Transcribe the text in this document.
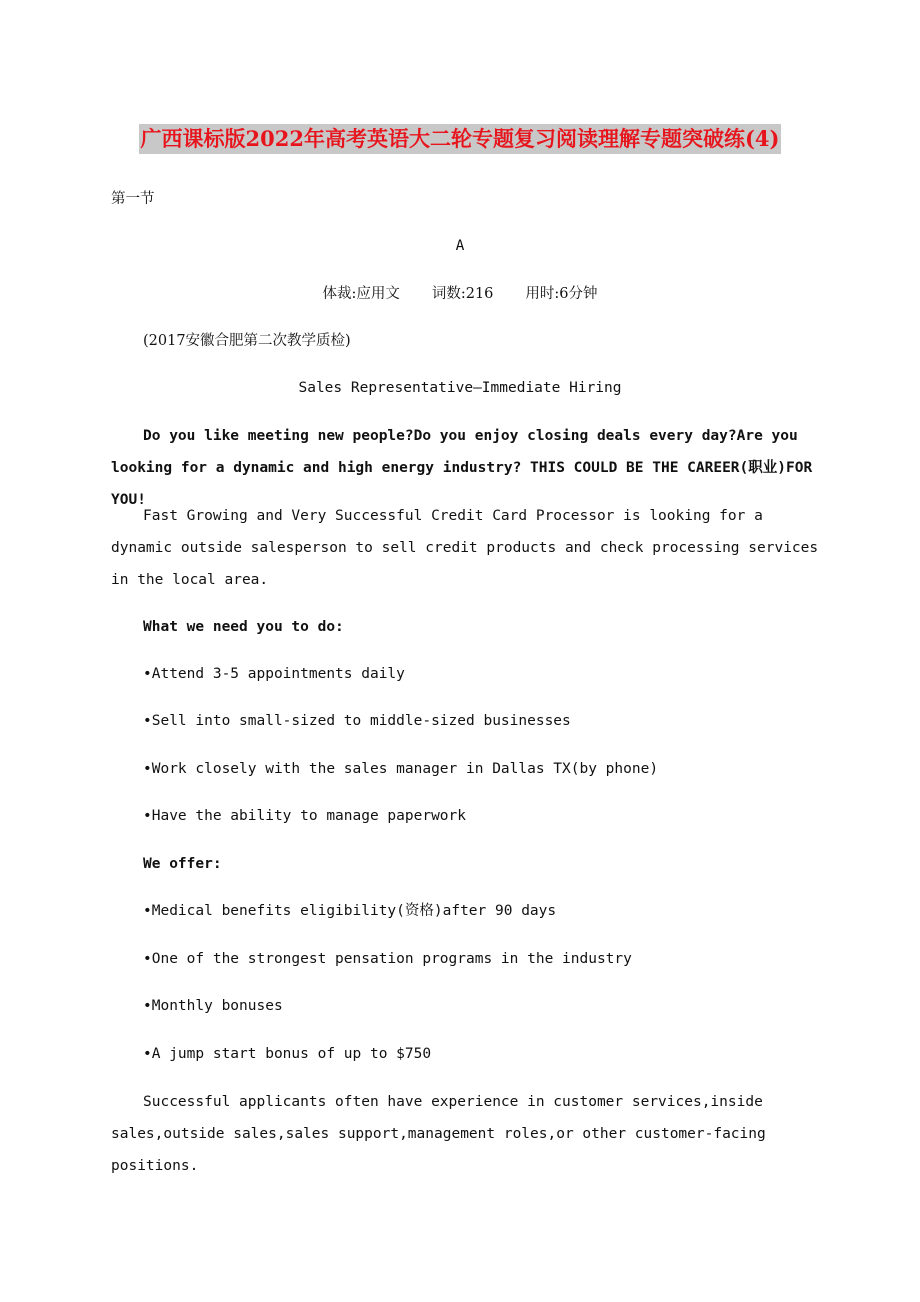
广西课标版2022年高考英语大二轮专题复习阅读理解专题突破练(4)
第一节
A
体裁:应用文 词数:216 用时:6分钟
(2017安徽合肥第二次教学质检)
Sales Representative—Immediate Hiring
Do you like meeting new people?Do you enjoy closing deals every day?Are you looking for a dynamic and high energy industry? THIS COULD BE THE CAREER(职业)FOR YOU!
Fast Growing and Very Successful Credit Card Processor is looking for a dynamic outside salesperson to sell credit products and check processing services in the local area.
What we need you to do:
•Attend 3-5 appointments daily
•Sell into small-sized to middle-sized businesses
•Work closely with the sales manager in Dallas TX(by phone)
•Have the ability to manage paperwork
We offer:
•Medical benefits eligibility(资格)after 90 days
•One of the strongest pensation programs in the industry
•Monthly bonuses
•A jump start bonus of up to $750
Successful applicants often have experience in customer services,inside sales,outside sales,sales support,management roles,or other customer-facing positions.
